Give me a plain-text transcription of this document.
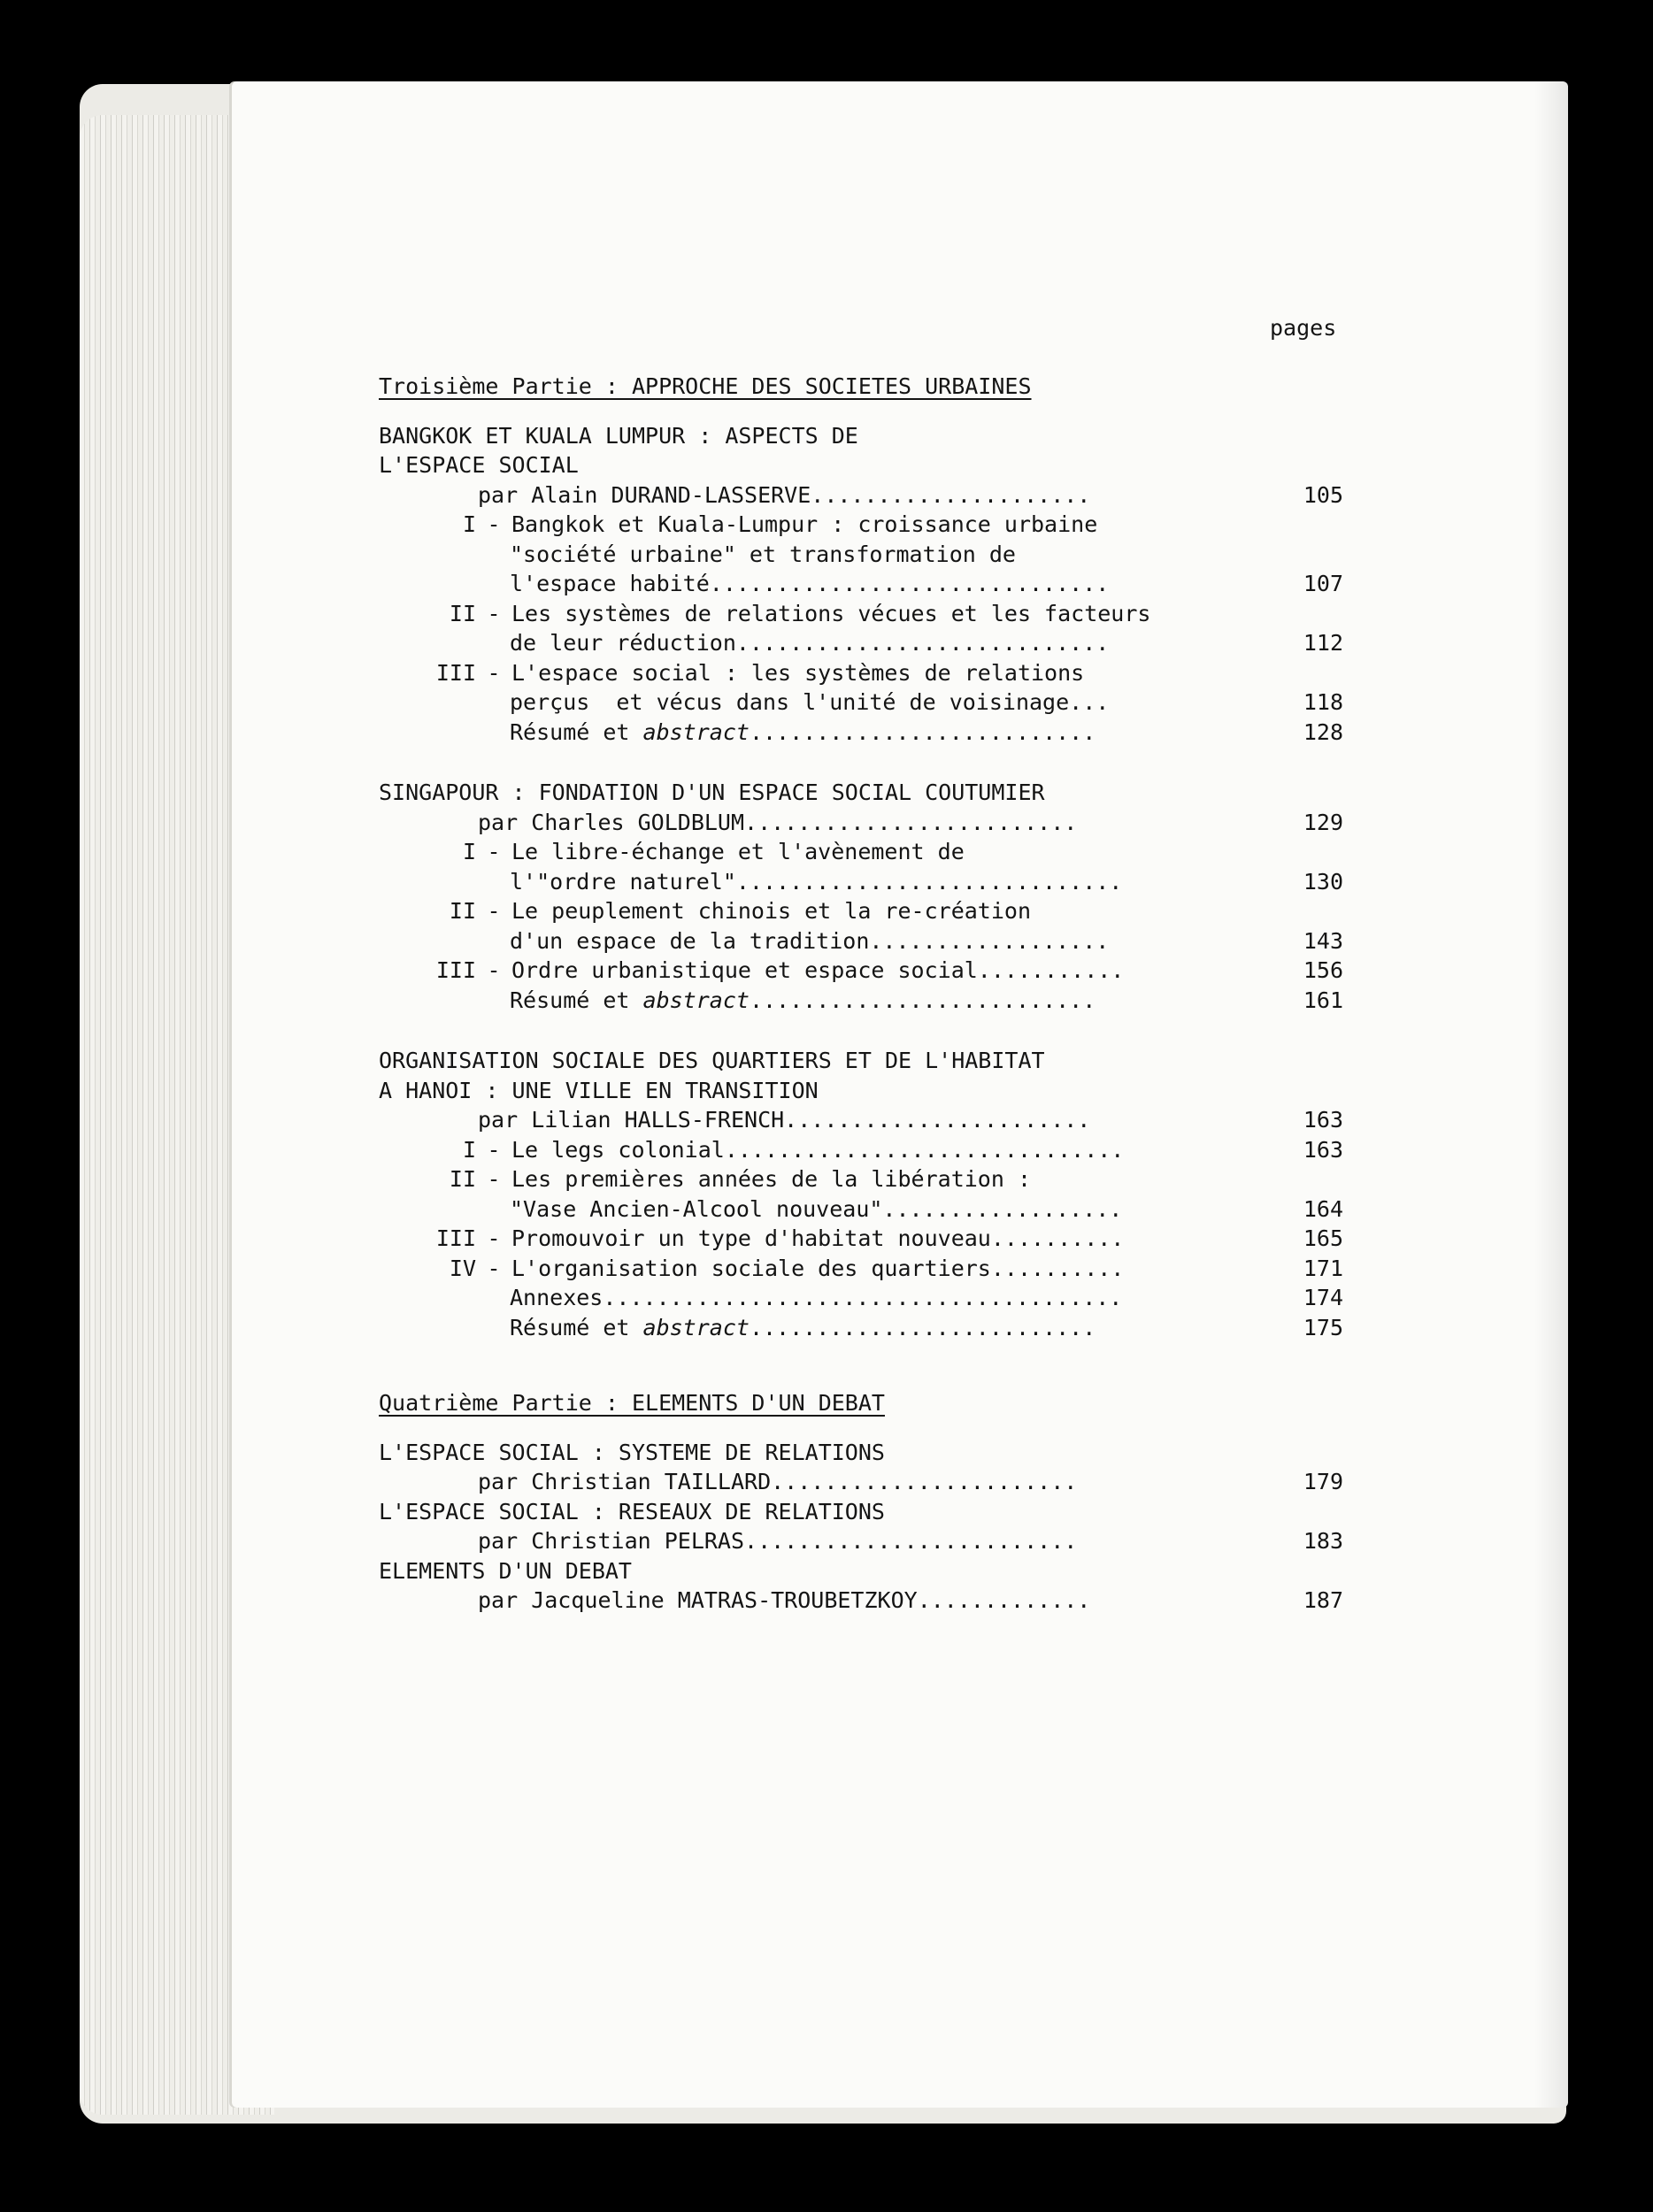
pages

Troisième Partie : APPROCHE DES SOCIETES URBAINES

BANGKOK ET KUALA LUMPUR : ASPECTS DE
L'ESPACE SOCIAL
par Alain DURAND-LASSERVE.....................	105
I - Bangkok et Kuala-Lumpur : croissance urbaine
"société urbaine" et transformation de
l'espace habité..............................	107
II - Les systèmes de relations vécues et les facteurs
de leur réduction............................	112
III - L'espace social : les systèmes de relations
perçus  et vécus dans l'unité de voisinage...	118
Résumé et abstract ..........................	128
SINGAPOUR : FONDATION D'UN ESPACE SOCIAL COUTUMIER
par Charles GOLDBLUM.........................	129
I - Le libre-échange et l'avènement de
l'"ordre naturel".............................	130
II - Le peuplement chinois et la re-création
d'un espace de la tradition..................	143
III - Ordre urbanistique et espace social...........	156
Résumé et abstract ..........................	161
ORGANISATION SOCIALE DES QUARTIERS ET DE L'HABITAT
A HANOI : UNE VILLE EN TRANSITION
par Lilian HALLS-FRENCH.......................	163
I - Le legs colonial..............................	163
II - Les premières années de la libération :
"Vase Ancien-Alcool nouveau"..................	164
III - Promouvoir un type d'habitat nouveau..........	165
IV - L'organisation sociale des quartiers..........	171
Annexes.......................................	174
Résumé et abstract ..........................	175

Quatrième Partie : ELEMENTS D'UN DEBAT

L'ESPACE SOCIAL : SYSTEME DE RELATIONS
par Christian TAILLARD.......................	179
L'ESPACE SOCIAL : RESEAUX DE RELATIONS
par Christian PELRAS.........................	183
ELEMENTS D'UN DEBAT
par Jacqueline MATRAS-TROUBETZKOY.............	187
